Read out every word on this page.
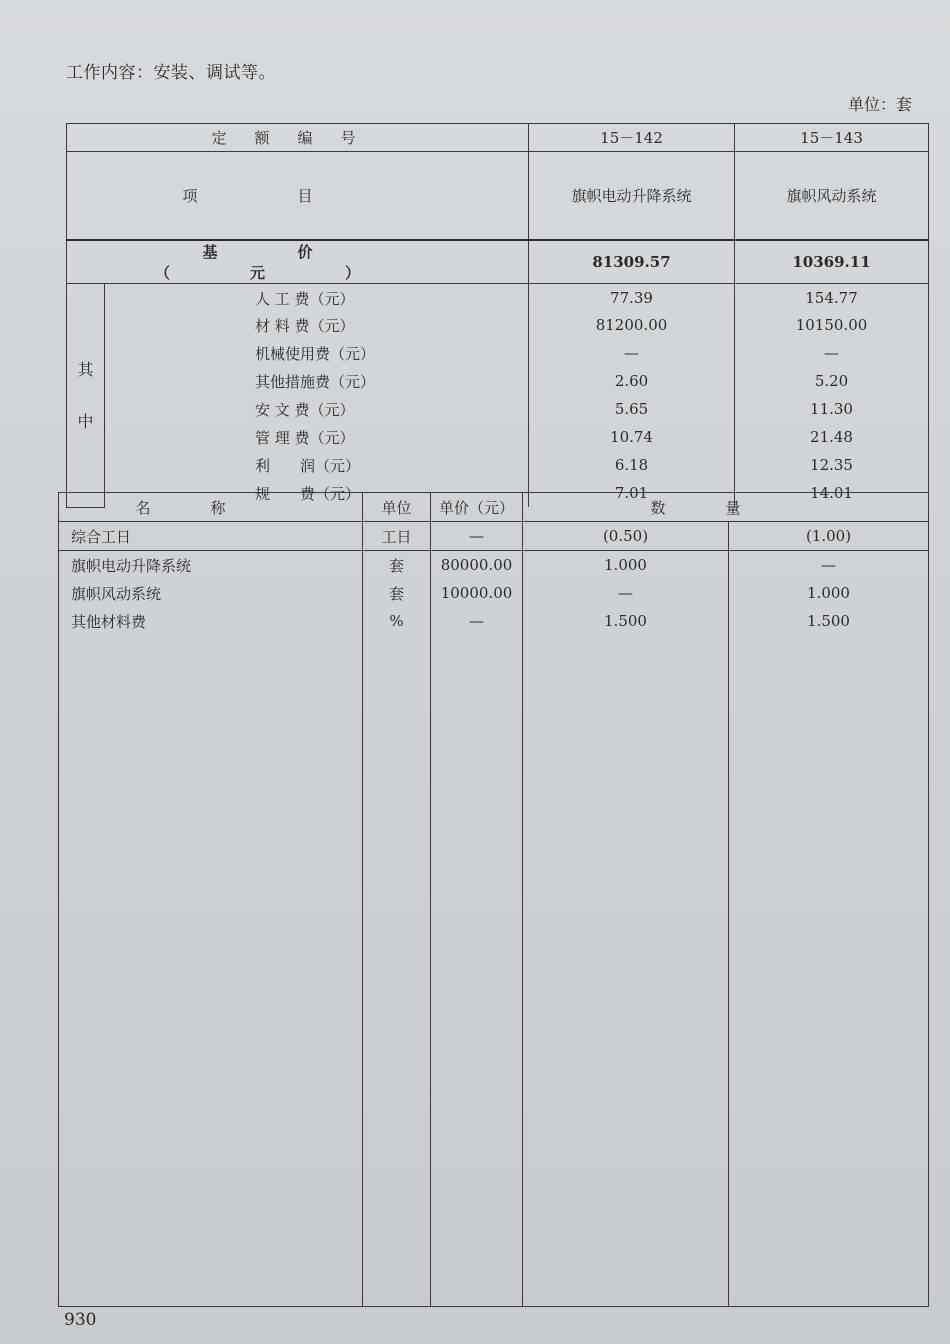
工作内容：安装、调试等。
单位：套
定额编号		15－142	15－143
项目		旗帜电动升降系统	旗帜风动系统
基价（元）		81309.57	10369.11

其
中	人 工 费（元）	77.39	154.77
	材 料 费（元）	81200.00	10150.00
	机械使用费（元）	—	—
	其他措施费（元）	2.60	5.20
	安 文 费（元）	5.65	11.30
	管 理 费（元）	10.74	21.48
	利　　润（元）	6.18	12.35
	规　　费（元）	7.01	14.01
名称	单位	单价（元）	数量	
综合工日	工日	—	(0.50)	(1.00)
旗帜电动升降系统	套	80000.00	1.000	—
旗帜风动系统	套	10000.00	—	1.000
其他材料费	%	—	1.500	1.500

930
